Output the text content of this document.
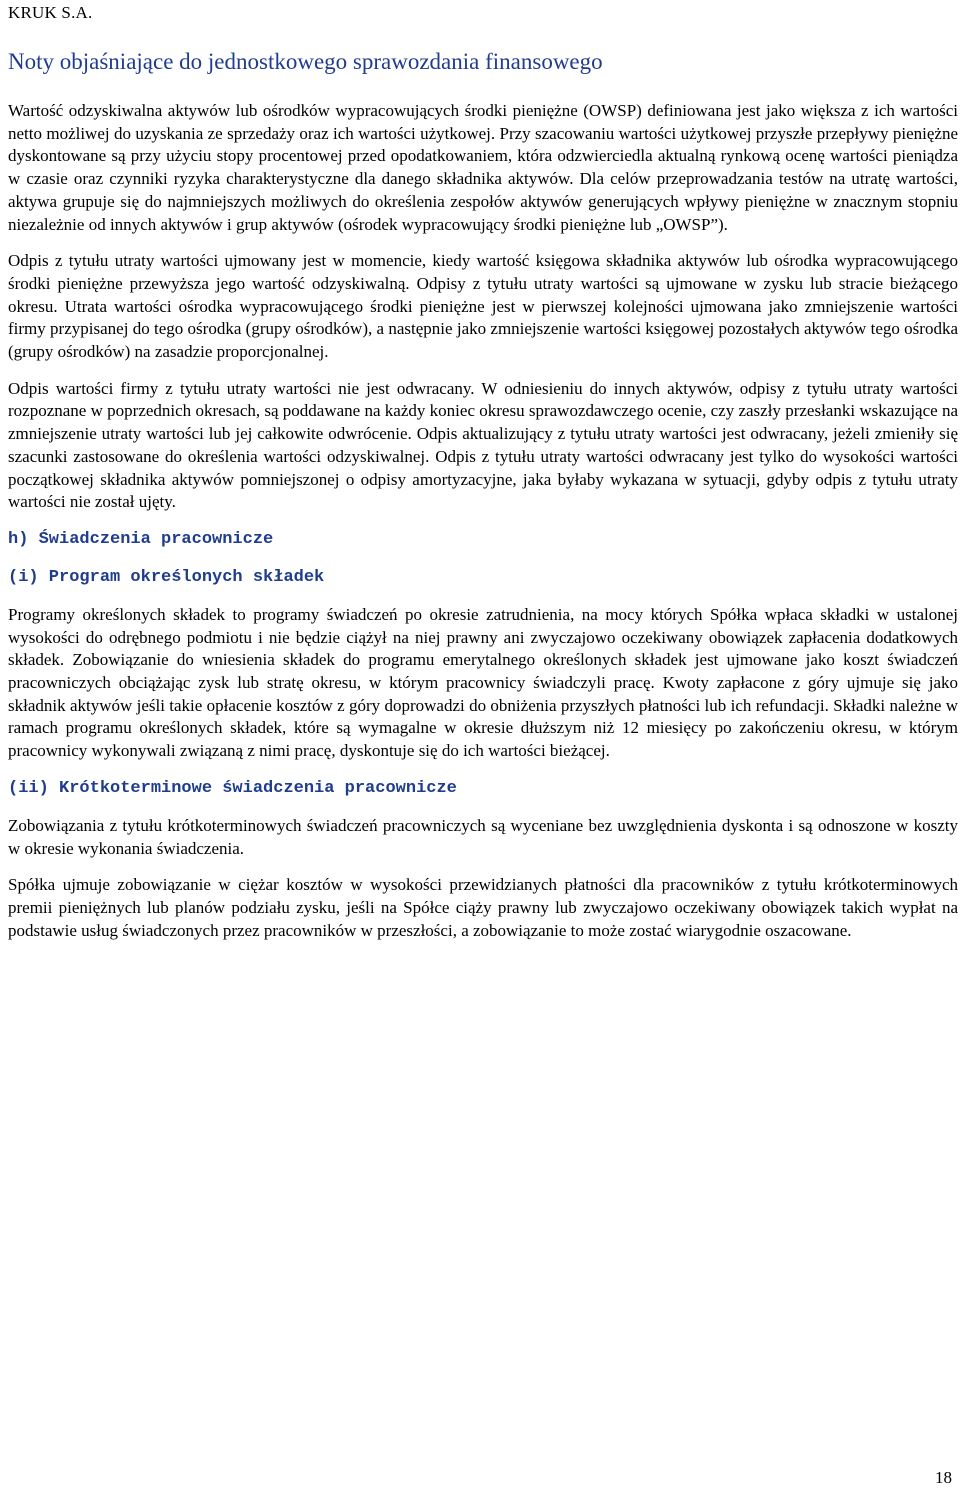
KRUK S.A.
Noty objaśniające do jednostkowego sprawozdania finansowego

Wartość odzyskiwalna aktywów lub ośrodków wypracowujących środki pieniężne (OWSP) definiowana jest jako większa z ich wartości netto możliwej do uzyskania ze sprzedaży oraz ich wartości użytkowej. Przy szacowaniu wartości użytkowej przyszłe przepływy pieniężne dyskontowane są przy użyciu stopy procentowej przed opodatkowaniem, która odzwierciedla aktualną rynkową ocenę wartości pieniądza w czasie oraz czynniki ryzyka charakterystyczne dla danego składnika aktywów. Dla celów przeprowadzania testów na utratę wartości, aktywa grupuje się do najmniejszych możliwych do określenia zespołów aktywów generujących wpływy pieniężne w znacznym stopniu niezależnie od innych aktywów i grup aktywów (ośrodek wypracowujący środki pieniężne lub „OWSP”).

Odpis z tytułu utraty wartości ujmowany jest w momencie, kiedy wartość księgowa składnika aktywów lub ośrodka wypracowującego środki pieniężne przewyższa jego wartość odzyskiwalną. Odpisy z tytułu utraty wartości są ujmowane w zysku lub stracie bieżącego okresu. Utrata wartości ośrodka wypracowującego środki pieniężne jest w pierwszej kolejności ujmowana jako zmniejszenie wartości firmy przypisanej do tego ośrodka (grupy ośrodków), a następnie jako zmniejszenie wartości księgowej pozostałych aktywów tego ośrodka (grupy ośrodków) na zasadzie proporcjonalnej.

Odpis wartości firmy z tytułu utraty wartości nie jest odwracany. W odniesieniu do innych aktywów, odpisy z tytułu utraty wartości rozpoznane w poprzednich okresach, są poddawane na każdy koniec okresu sprawozdawczego ocenie, czy zaszły przesłanki wskazujące na zmniejszenie utraty wartości lub jej całkowite odwrócenie. Odpis aktualizujący z tytułu utraty wartości jest odwracany, jeżeli zmieniły się szacunki zastosowane do określenia wartości odzyskiwalnej. Odpis z tytułu utraty wartości odwracany jest tylko do wysokości wartości początkowej składnika aktywów pomniejszonej o odpisy amortyzacyjne, jaka byłaby wykazana w sytuacji, gdyby odpis z tytułu utraty wartości nie został ujęty.

h) Świadczenia pracownicze
(i) Program określonych składek

Programy określonych składek to programy świadczeń po okresie zatrudnienia, na mocy których Spółka wpłaca składki w ustalonej wysokości do odrębnego podmiotu i nie będzie ciążył na niej prawny ani zwyczajowo oczekiwany obowiązek zapłacenia dodatkowych składek. Zobowiązanie do wniesienia składek do programu emerytalnego określonych składek jest ujmowane jako koszt świadczeń pracowniczych obciążając zysk lub stratę okresu, w którym pracownicy świadczyli pracę. Kwoty zapłacone z góry ujmuje się jako składnik aktywów jeśli takie opłacenie kosztów z góry doprowadzi do obniżenia przyszłych płatności lub ich refundacji. Składki należne w ramach programu określonych składek, które są wymagalne w okresie dłuższym niż 12 miesięcy po zakończeniu okresu, w którym pracownicy wykonywali związaną z nimi pracę, dyskontuje się do ich wartości bieżącej.

(ii) Krótkoterminowe świadczenia pracownicze

Zobowiązania z tytułu krótkoterminowych świadczeń pracowniczych są wyceniane bez uwzględnienia dyskonta i są odnoszone w koszty w okresie wykonania świadczenia.

Spółka ujmuje zobowiązanie w ciężar kosztów w wysokości przewidzianych płatności dla pracowników z tytułu krótkoterminowych premii pieniężnych lub planów podziału zysku, jeśli na Spółce ciąży prawny lub zwyczajowo oczekiwany obowiązek takich wypłat na podstawie usług świadczonych przez pracowników w przeszłości, a zobowiązanie to może zostać wiarygodnie oszacowane.

18
